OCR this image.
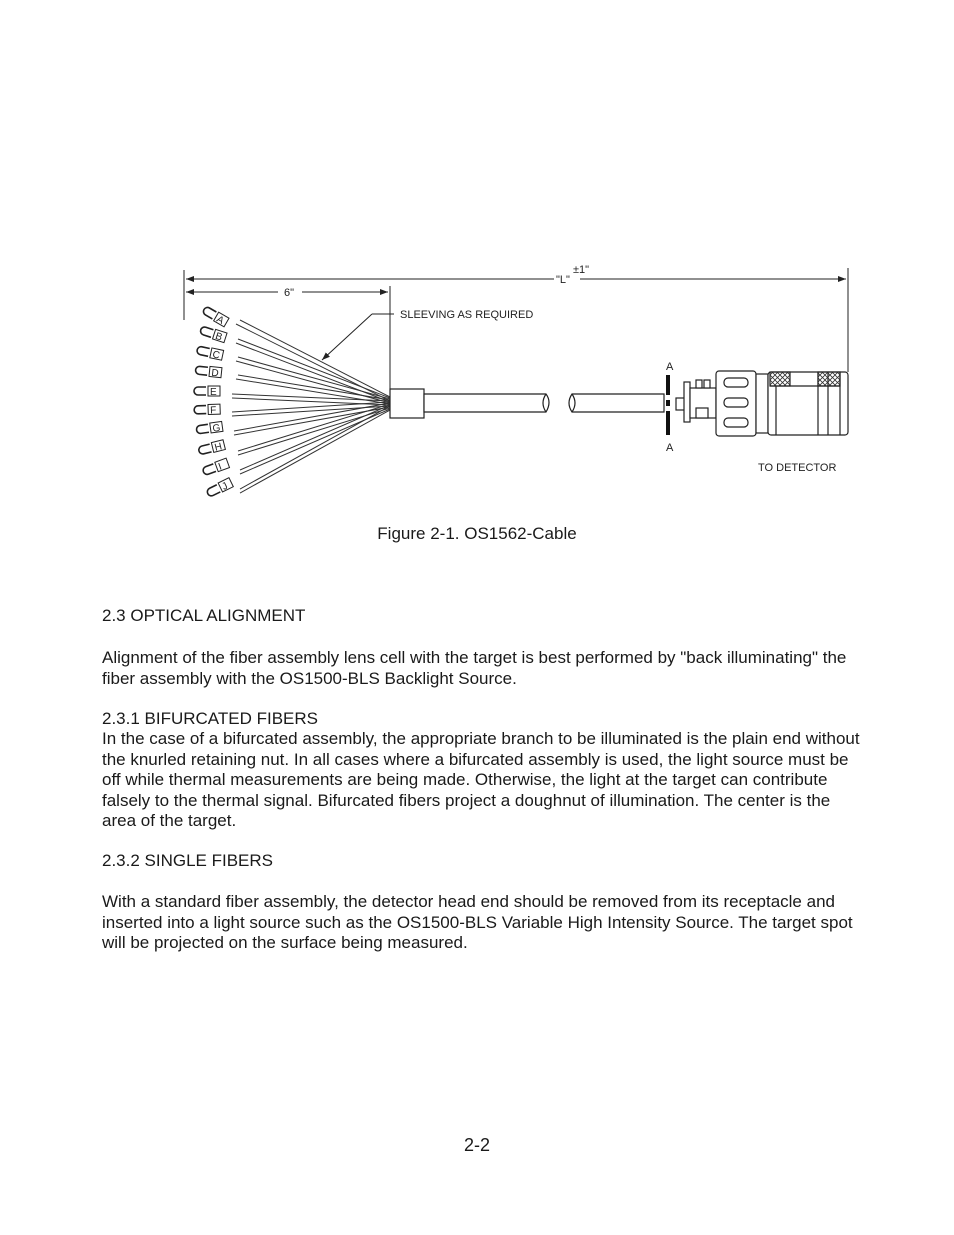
"L"
±1"
6"
SLEEVING AS REQUIRED
A
B
C
D
E
F
G
H
I
J
A
A
TO DETECTOR
Figure 2-1. OS1562-Cable
2.3 OPTICAL ALIGNMENT

Alignment of the fiber assembly lens cell with the target is best performed by "back illuminating" the fiber assembly with the OS1500-BLS Backlight Source.

2.3.1 BIFURCATED FIBERS

In the case of a bifurcated assembly, the appropriate branch to be illuminated is the plain end without the knurled retaining nut. In all cases where a bifurcated assembly is used, the light source must be off while thermal measurements are being made. Otherwise, the light at the target can contribute falsely to the thermal signal. Bifurcated fibers project a doughnut of illumination. The center is the area of the target.

2.3.2 SINGLE FIBERS

With a standard fiber assembly, the detector head end should be removed from its receptacle and inserted into a light source such as the OS1500-BLS Variable High Intensity Source. The target spot will be projected on the surface being measured.

2-2
